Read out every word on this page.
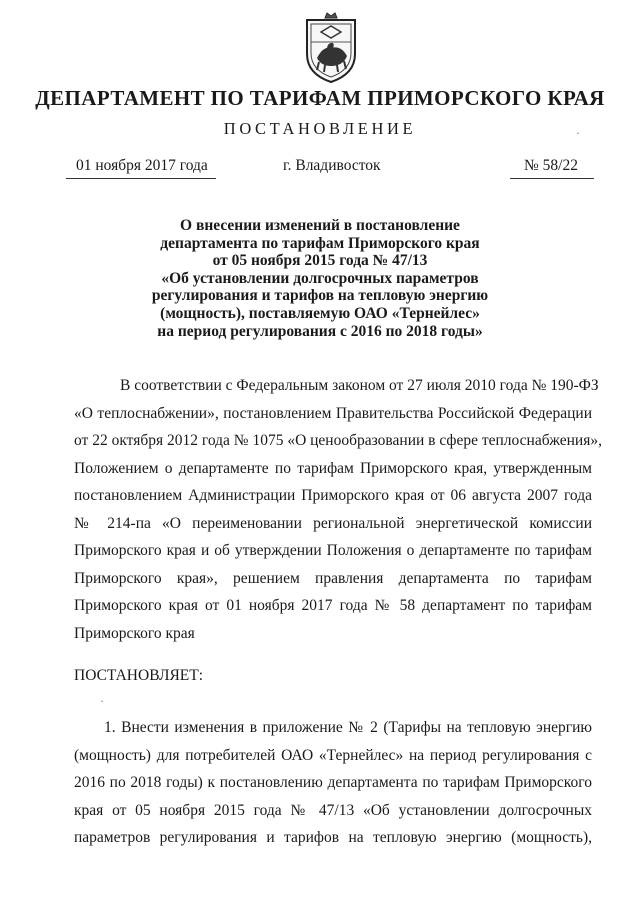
ДЕПАРТАМЕНТ ПО ТАРИФАМ ПРИМОРСКОГО КРАЯ
ПОСТАНОВЛЕНИЕ
01 ноября 2017 года	г. Владивосток	№ 58/22
О внесении изменений в постановление
департамента по тарифам Приморского края
от 05 ноября 2015 года № 47/13
«Об установлении долгосрочных параметров
регулирования и тарифов на тепловую энергию
(мощность), поставляемую ОАО «Тернейлес»
на период регулирования с 2016 по 2018 годы»
В соответствии с Федеральным законом от 27 июля 2010 года № 190-ФЗ
«О теплоснабжении», постановлением Правительства Российской Федерации
от 22 октября 2012 года № 1075 «О ценообразовании в сфере теплоснабжения»,
Положением о департаменте по тарифам Приморского края, утвержденным
постановлением Администрации Приморского края от 06 августа 2007 года
№ 214-па «О переименовании региональной энергетической комиссии
Приморского края и об утверждении Положения о департаменте по тарифам
Приморского края», решением правления департамента по тарифам
Приморского края от 01 ноября 2017 года № 58 департамент по тарифам
Приморского края
ПОСТАНОВЛЯЕТ:
1. Внести изменения в приложение № 2 (Тарифы на тепловую энергию
(мощность) для потребителей ОАО «Тернейлес» на период регулирования с
2016 по 2018 годы) к постановлению департамента по тарифам Приморского
края от 05 ноября 2015 года № 47/13 «Об установлении долгосрочных
параметров регулирования и тарифов на тепловую энергию (мощность),
·
·
